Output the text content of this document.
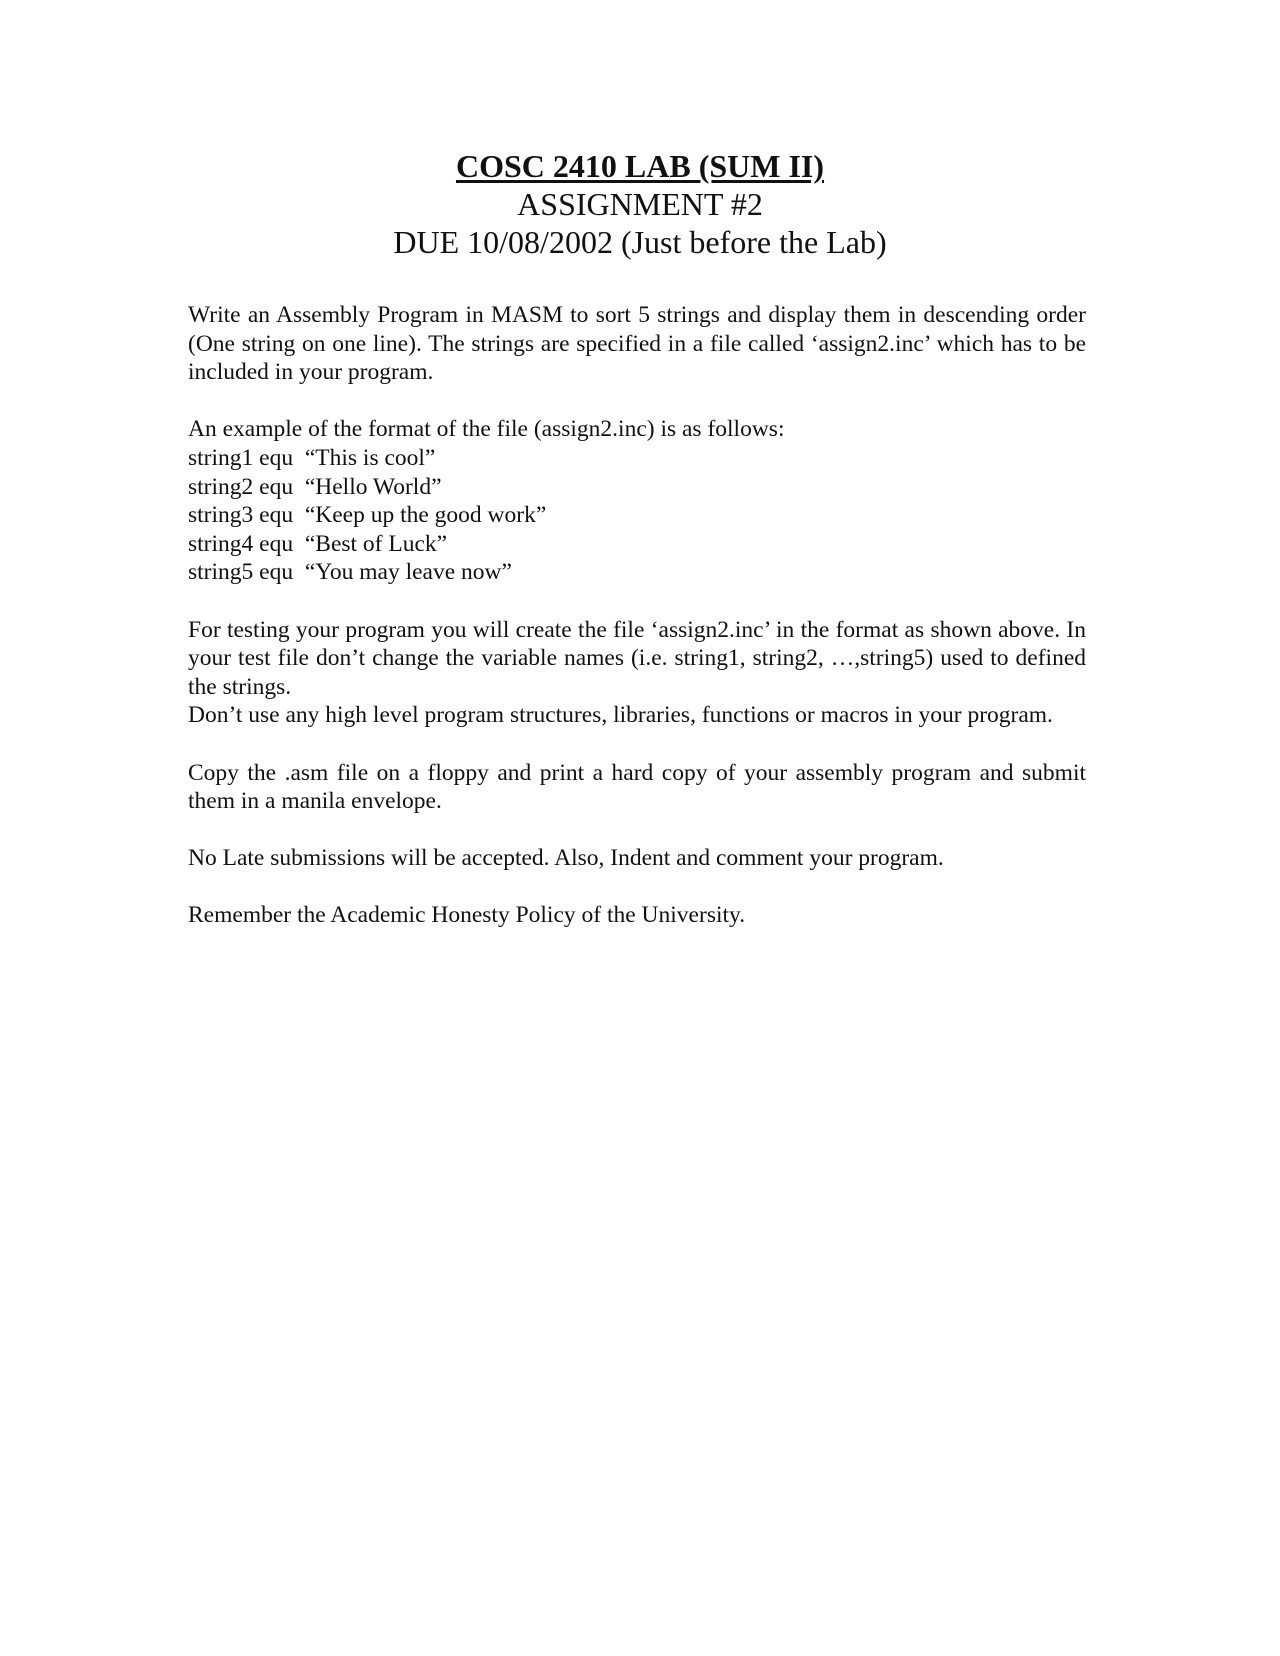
COSC 2410 LAB (SUM II)
ASSIGNMENT #2
DUE 10/08/2002 (Just before the Lab)

Write an Assembly Program in MASM to sort 5 strings and display them in descending order (One string on one line). The strings are specified in a file called ‘assign2.inc’ which has to be included in your program.

An example of the format of the file (assign2.inc) is as follows:

string1 equ  “This is cool”
string2 equ  “Hello World”
string3 equ  “Keep up the good work”
string4 equ  “Best of Luck”
string5 equ  “You may leave now”

For testing your program you will create the file ‘assign2.inc’ in the format as shown above. In your test file don’t change the variable names (i.e. string1, string2, …,string5) used to defined the strings.

Don’t use any high level program structures, libraries, functions or macros in your program.

Copy the .asm file on a floppy and print a hard copy of your assembly program and submit them in a manila envelope.

No Late submissions will be accepted. Also, Indent and comment your program.

Remember the Academic Honesty Policy of the University.
